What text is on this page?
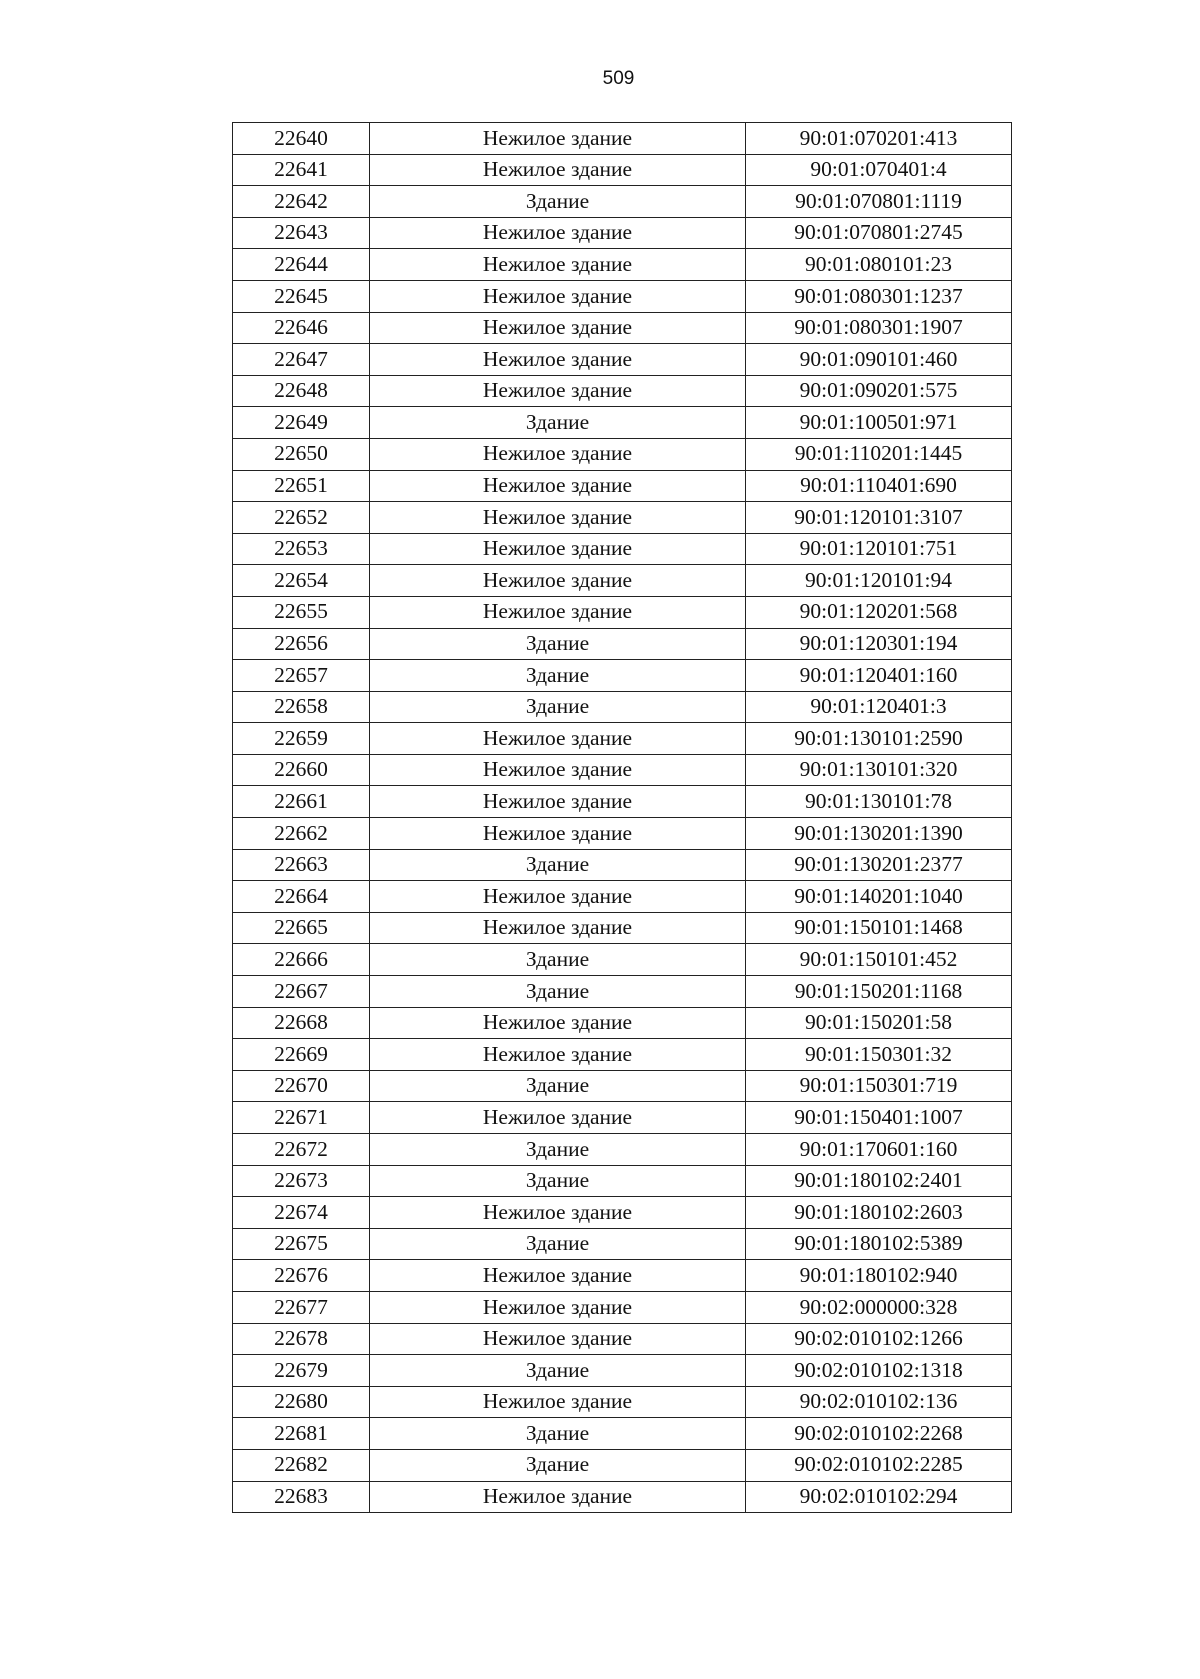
509
22640	Нежилое здание	90:01:070201:413
22641	Нежилое здание	90:01:070401:4
22642	Здание	90:01:070801:1119
22643	Нежилое здание	90:01:070801:2745
22644	Нежилое здание	90:01:080101:23
22645	Нежилое здание	90:01:080301:1237
22646	Нежилое здание	90:01:080301:1907
22647	Нежилое здание	90:01:090101:460
22648	Нежилое здание	90:01:090201:575
22649	Здание	90:01:100501:971
22650	Нежилое здание	90:01:110201:1445
22651	Нежилое здание	90:01:110401:690
22652	Нежилое здание	90:01:120101:3107
22653	Нежилое здание	90:01:120101:751
22654	Нежилое здание	90:01:120101:94
22655	Нежилое здание	90:01:120201:568
22656	Здание	90:01:120301:194
22657	Здание	90:01:120401:160
22658	Здание	90:01:120401:3
22659	Нежилое здание	90:01:130101:2590
22660	Нежилое здание	90:01:130101:320
22661	Нежилое здание	90:01:130101:78
22662	Нежилое здание	90:01:130201:1390
22663	Здание	90:01:130201:2377
22664	Нежилое здание	90:01:140201:1040
22665	Нежилое здание	90:01:150101:1468
22666	Здание	90:01:150101:452
22667	Здание	90:01:150201:1168
22668	Нежилое здание	90:01:150201:58
22669	Нежилое здание	90:01:150301:32
22670	Здание	90:01:150301:719
22671	Нежилое здание	90:01:150401:1007
22672	Здание	90:01:170601:160
22673	Здание	90:01:180102:2401
22674	Нежилое здание	90:01:180102:2603
22675	Здание	90:01:180102:5389
22676	Нежилое здание	90:01:180102:940
22677	Нежилое здание	90:02:000000:328
22678	Нежилое здание	90:02:010102:1266
22679	Здание	90:02:010102:1318
22680	Нежилое здание	90:02:010102:136
22681	Здание	90:02:010102:2268
22682	Здание	90:02:010102:2285
22683	Нежилое здание	90:02:010102:294
